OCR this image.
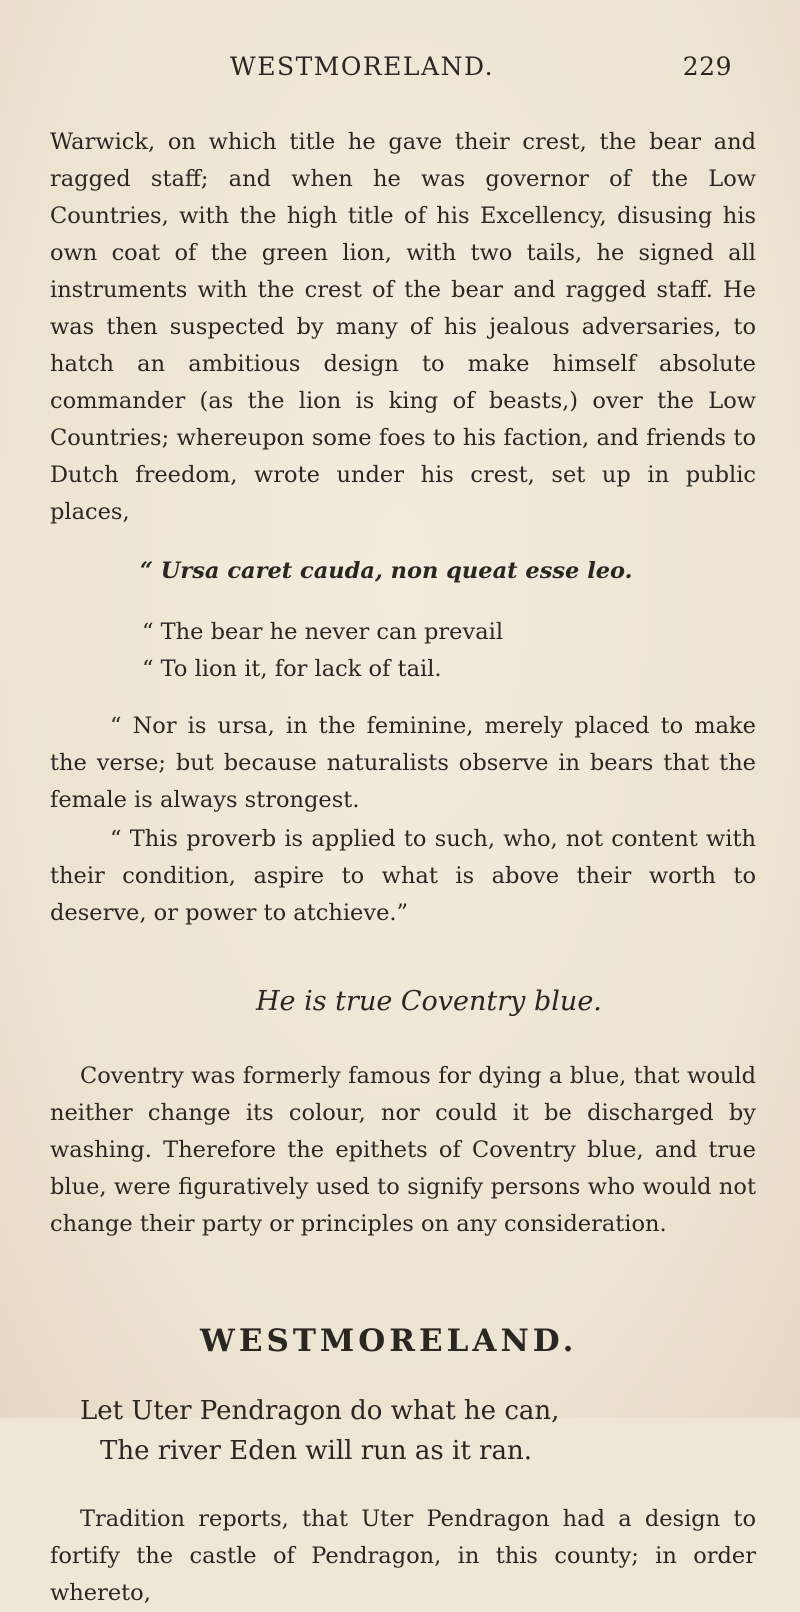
WESTMORELAND.	229

Warwick, on which title he gave their crest, the bear and ragged staff; and when he was governor of the Low Countries, with the high title of his Excellency, disusing his own coat of the green lion, with two tails, he signed all instruments with the crest of the bear and ragged staff. He was then suspected by many of his jealous adversaries, to hatch an ambitious design to make himself absolute commander (as the lion is king of beasts,) over the Low Countries; whereupon some foes to his faction, and friends to Dutch freedom, wrote under his crest, set up in public places,

“ Ursa caret cauda, non queat esse leo.
“ The bear he never can prevail
“ To lion it, for lack of tail.

“ Nor is ursa, in the feminine, merely placed to make the verse; but because naturalists observe in bears that the female is always strongest.

“ This proverb is applied to such, who, not content with their condition, aspire to what is above their worth to deserve, or power to atchieve.”

He is true Coventry blue.

Coventry was formerly famous for dying a blue, that would neither change its colour, nor could it be discharged by washing. Therefore the epithets of Coventry blue, and true blue, were figuratively used to signify persons who would not change their party or principles on any consideration.

WESTMORELAND.
Let Uter Pendragon do what he can,
The river Eden will run as it ran.

Tradition reports, that Uter Pendragon had a design to fortify the castle of Pendragon, in this county; in order whereto,
